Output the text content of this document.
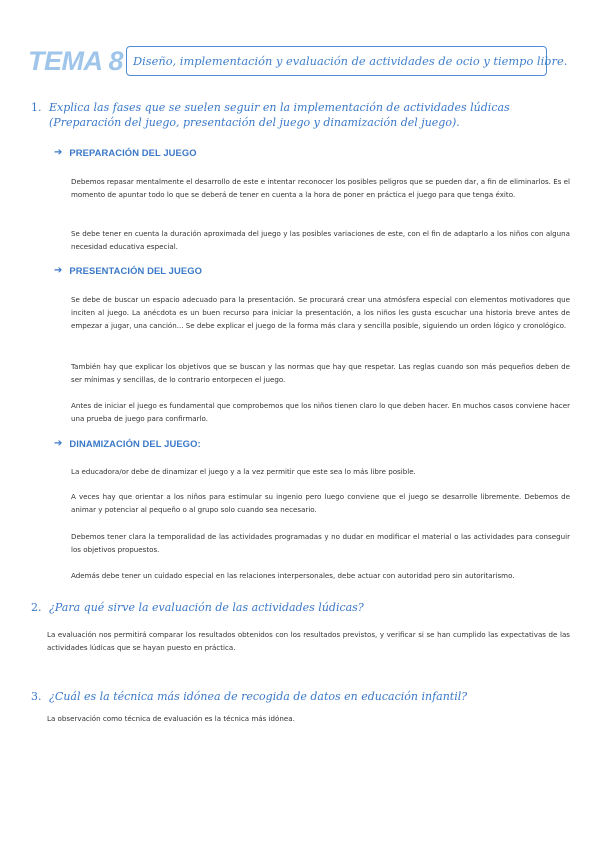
TEMA 8 Diseño, implementación y evaluación de actividades de ocio y tiempo libre.
1. Explica las fases que se suelen seguir en la implementación de actividades lúdicas (Preparación del juego, presentación del juego y dinamización del juego).
➔ PREPARACIÓN DEL JUEGO

Debemos repasar mentalmente el desarrollo de este e intentar reconocer los posibles peligros que se pueden dar, a fin de eliminarlos. Es el momento de apuntar todo lo que se deberá de tener en cuenta a la hora de poner en práctica el juego para que tenga éxito.

Se debe tener en cuenta la duración aproximada del juego y las posibles variaciones de este, con el fin de adaptarlo a los niños con alguna necesidad educativa especial.

➔ PRESENTACIÓN DEL JUEGO

Se debe de buscar un espacio adecuado para la presentación. Se procurará crear una atmósfera especial con elementos motivadores que inciten al juego. La anécdota es un buen recurso para iniciar la presentación, a los niños les gusta escuchar una historia breve antes de empezar a jugar, una canción... Se debe explicar el juego de la forma más clara y sencilla posible, siguiendo un orden lógico y cronológico.

También hay que explicar los objetivos que se buscan y las normas que hay que respetar. Las reglas cuando son más pequeños deben de ser mínimas y sencillas, de lo contrario entorpecen el juego.

Antes de iniciar el juego es fundamental que comprobemos que los niños tienen claro lo que deben hacer. En muchos casos conviene hacer una prueba de juego para confirmarlo.

➔ DINAMIZACIÓN DEL JUEGO:

La educadora/or debe de dinamizar el juego y a la vez permitir que este sea lo más libre posible.

A veces hay que orientar a los niños para estimular su ingenio pero luego conviene que el juego se desarrolle libremente. Debemos de animar y potenciar al pequeño o al grupo solo cuando sea necesario.

Debemos tener clara la temporalidad de las actividades programadas y no dudar en modificar el material o las actividades para conseguir los objetivos propuestos.

Además debe tener un cuidado especial en las relaciones interpersonales, debe actuar con autoridad pero sin autoritarismo.

2. ¿Para qué sirve la evaluación de las actividades lúdicas?

La evaluación nos permitirá comparar los resultados obtenidos con los resultados previstos, y verificar si se han cumplido las expectativas de las actividades lúdicas que se hayan puesto en práctica.

3. ¿Cuál es la técnica más idónea de recogida de datos en educación infantil?

La observación como técnica de evaluación es la técnica más idónea.
